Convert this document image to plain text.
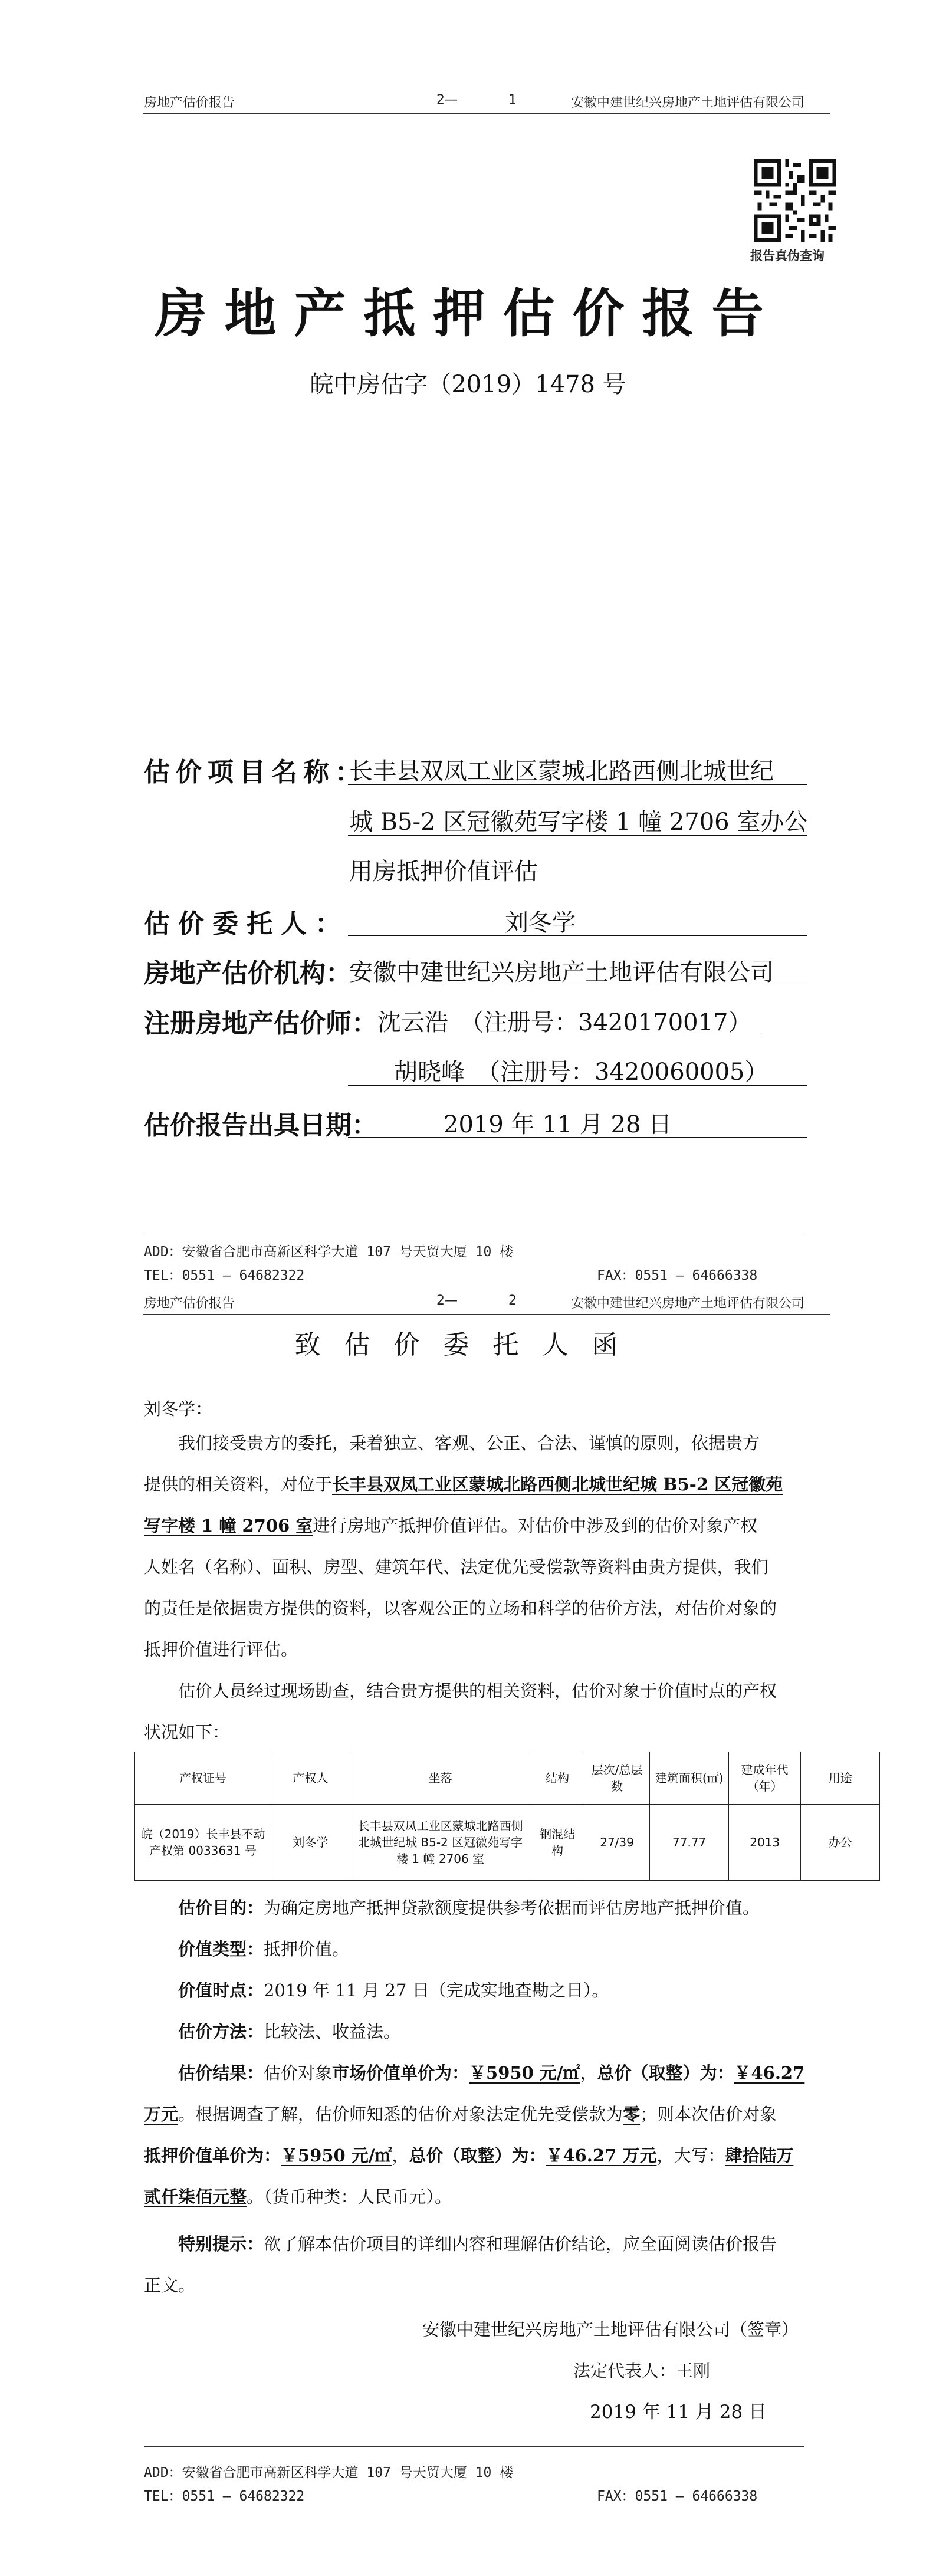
房地产估价报告	2—	1	安徽中建世纪兴房地产土地评估有限公司
报告真伪查询
房地产抵押估价报告
皖中房估字（2019）1478 号
估价项目名称：
长丰县双凤工业区蒙城北路西侧北城世纪
城 B5-2 区冠徽苑写字楼 1 幢 2706 室办公
用房抵押价值评估
估价委托人：	刘冬学
房地产估价机构：
安徽中建世纪兴房地产土地评估有限公司
注册房地产估价师： 沈云浩　（注册号：3420170017）
胡晓峰　（注册号：3420060005）
估价报告出具日期：	2019 年 11 月 28 日
ADD：安徽省合肥市高新区科学大道 107 号天贸大厦 10 楼
TEL：0551 — 64682322	FAX：0551 — 64666338
房地产估价报告	2—	2	安徽中建世纪兴房地产土地评估有限公司
致估价委托人函
刘冬学：
我们接受贵方的委托，秉着独立、客观、公正、合法、谨慎的原则，依据贵方
提供的相关资料，对位于长丰县双凤工业区蒙城北路西侧北城世纪城 B5-2 区冠徽苑
写字楼 1 幢 2706 室进行房地产抵押价值评估。对估价中涉及到的估价对象产权
人姓名（名称）、面积、房型、建筑年代、法定优先受偿款等资料由贵方提供，我们
的责任是依据贵方提供的资料，以客观公正的立场和科学的估价方法，对估价对象的
抵押价值进行评估。
估价人员经过现场勘查，结合贵方提供的相关资料，估价对象于价值时点的产权
状况如下：
产权证号	产权人	坐落	结构	层次/总层数	建筑面积(㎡)	建成年代（年）	用途
皖（2019）长丰县不动产权第 0033631 号	刘冬学	长丰县双凤工业区蒙城北路西侧北城世纪城 B5-2 区冠徽苑写字楼 1 幢 2706 室	钢混结构	27/39	77.77	2013	办公
估价目的：为确定房地产抵押贷款额度提供参考依据而评估房地产抵押价值。
价值类型：抵押价值。
价值时点：2019 年 11 月 27 日（完成实地查勘之日）。
估价方法：比较法、收益法。
估价结果：估价对象市场价值单价为：￥5950 元/㎡，总价（取整）为：￥46.27
万元。根据调查了解，估价师知悉的估价对象法定优先受偿款为零；则本次估价对象
抵押价值单价为：￥5950 元/㎡，总价（取整）为：￥46.27 万元，大写：肆拾陆万
贰仟柒佰元整。（货币种类：人民币元）。
特别提示：欲了解本估价项目的详细内容和理解估价结论，应全面阅读估价报告
正文。
安徽中建世纪兴房地产土地评估有限公司（签章）
法定代表人：王刚
2019 年 11 月 28 日
ADD：安徽省合肥市高新区科学大道 107 号天贸大厦 10 楼
TEL：0551 — 64682322	FAX：0551 — 64666338
